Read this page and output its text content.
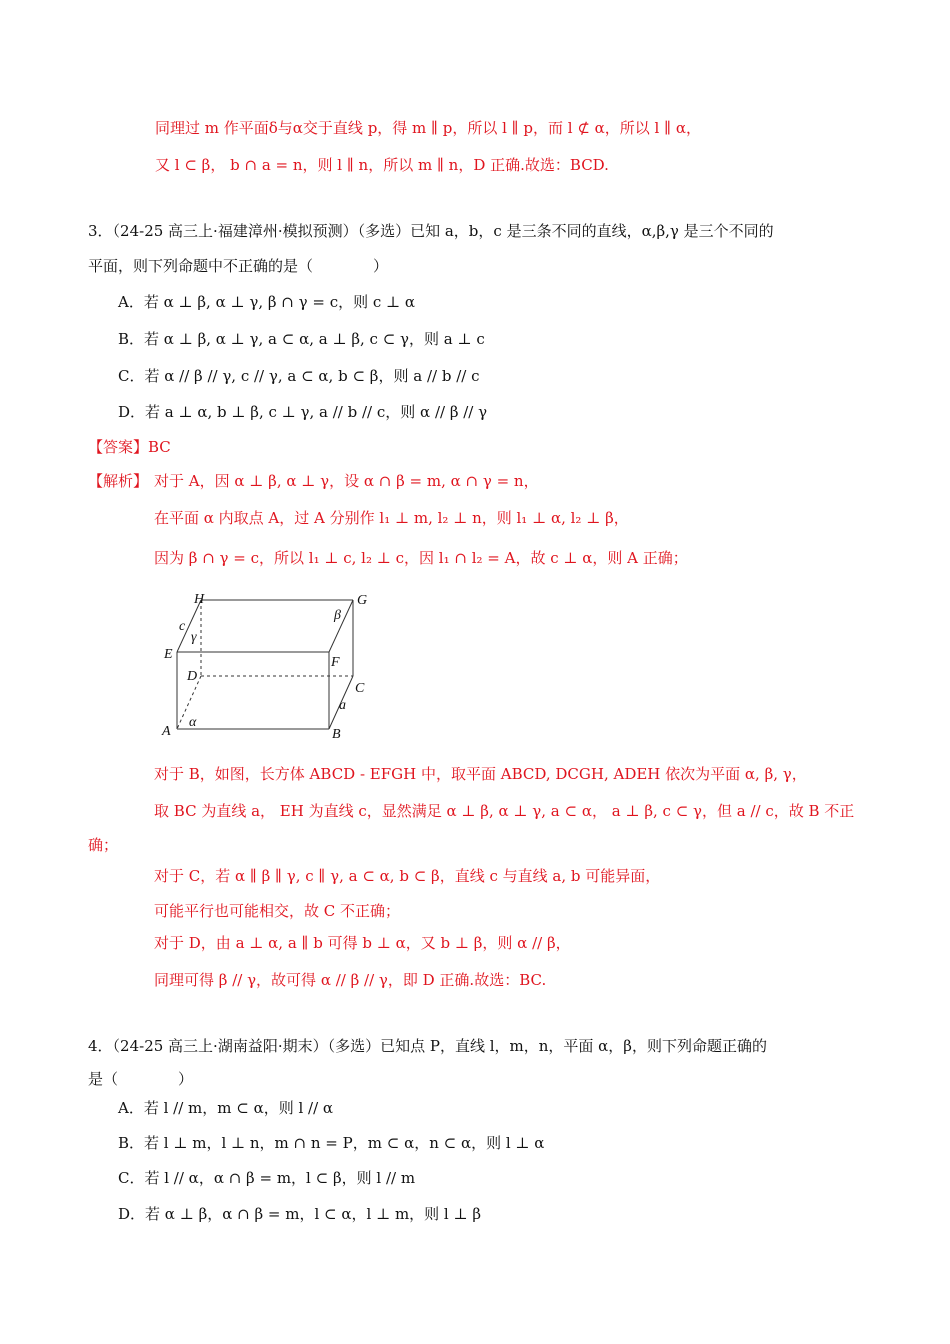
同理过 m 作平面δ与α交于直线 p，得 m ∥ p，所以 l ∥ p，而 l ⊄ α，所以 l ∥ α，
又 l ⊂ β， b ∩ a = n，则 l ∥ n，所以 m ∥ n，D 正确.故选：BCD.
3．（24-25 高三上·福建漳州·模拟预测）（多选）已知 a，b，c 是三条不同的直线，α,β,γ 是三个不同的
平面，则下列命题中不正确的是（　　　　）
A．若 α ⊥ β, α ⊥ γ, β ∩ γ = c，则 c ⊥ α
B．若 α ⊥ β, α ⊥ γ, a ⊂ α, a ⊥ β, c ⊂ γ，则 a ⊥ c
C．若 α // β // γ, c // γ, a ⊂ α, b ⊂ β，则 a // b // c
D．若 a ⊥ α, b ⊥ β, c ⊥ γ, a // b // c，则 α // β // γ
【答案】BC
【解析】 对于 A，因 α ⊥ β, α ⊥ γ，设 α ∩ β = m, α ∩ γ = n，
在平面 α 内取点 A，过 A 分别作 l₁ ⊥ m, l₂ ⊥ n，则 l₁ ⊥ α, l₂ ⊥ β，
因为 β ∩ γ = c，所以 l₁ ⊥ c, l₂ ⊥ c，因 l₁ ∩ l₂ = A，故 c ⊥ α，则 A 正确；
H	G
E
F
D
C
A	B
c
γ
β
α
a
对于 B，如图，长方体 ABCD - EFGH 中，取平面 ABCD, DCGH, ADEH 依次为平面 α, β, γ，
取 BC 为直线 a， EH 为直线 c，显然满足 α ⊥ β, α ⊥ γ, a ⊂ α， a ⊥ β, c ⊂ γ，但 a // c，故 B 不正
确；
对于 C，若 α ∥ β ∥ γ, c ∥ γ, a ⊂ α, b ⊂ β，直线 c 与直线 a, b 可能异面，
可能平行也可能相交，故 C 不正确；
对于 D，由 a ⊥ α, a ∥ b 可得 b ⊥ α，又 b ⊥ β，则 α // β，
同理可得 β // γ，故可得 α // β // γ，即 D 正确.故选：BC.
4．（24-25 高三上·湖南益阳·期末）（多选）已知点 P，直线 l，m，n，平面 α，β，则下列命题正确的
是（　　　　）
A．若 l // m，m ⊂ α，则 l // α
B．若 l ⊥ m，l ⊥ n，m ∩ n = P，m ⊂ α，n ⊂ α，则 l ⊥ α
C．若 l // α，α ∩ β = m，l ⊂ β，则 l // m
D．若 α ⊥ β，α ∩ β = m，l ⊂ α，l ⊥ m，则 l ⊥ β
